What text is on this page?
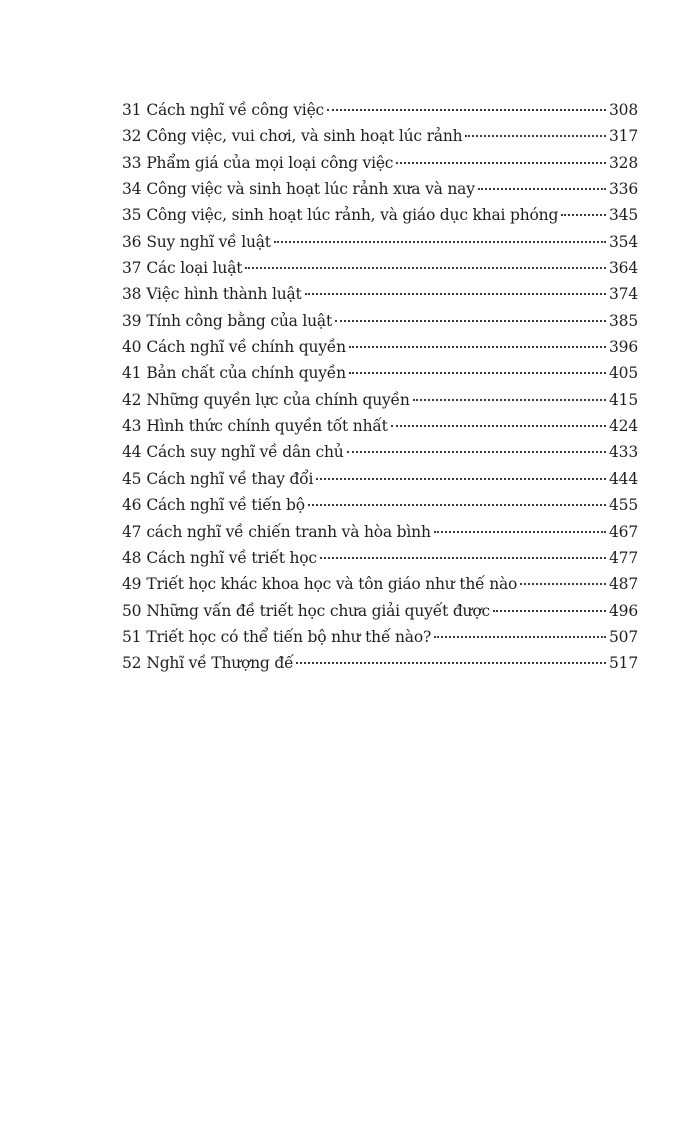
31 Cách nghĩ về công việc	308
32 Công việc, vui chơi, và sinh hoạt lúc rảnh	317
33 Phẩm giá của mọi loại công việc	328
34 Công việc và sinh hoạt lúc rảnh xưa và nay	336
35 Công việc, sinh hoạt lúc rảnh, và giáo dục khai phóng	345
36 Suy nghĩ về luật	354
37 Các loại luật	364
38 Việc hình thành luật	374
39 Tính công bằng của luật	385
40 Cách nghĩ về chính quyền	396
41 Bản chất của chính quyền	405
42 Những quyền lực của chính quyền	415
43 Hình thức chính quyền tốt nhất	424
44 Cách suy nghĩ về dân chủ	433
45 Cách nghĩ về thay đổi	444
46 Cách nghĩ về tiến bộ	455
47 cách nghĩ về chiến tranh và hòa bình	467
48 Cách nghĩ về triết học	477
49 Triết học khác khoa học và tôn giáo như thế nào	487
50 Những vấn đề triết học chưa giải quyết được	496
51 Triết học có thể tiến bộ như thế nào?	507
52 Nghĩ về Thượng đế	517
